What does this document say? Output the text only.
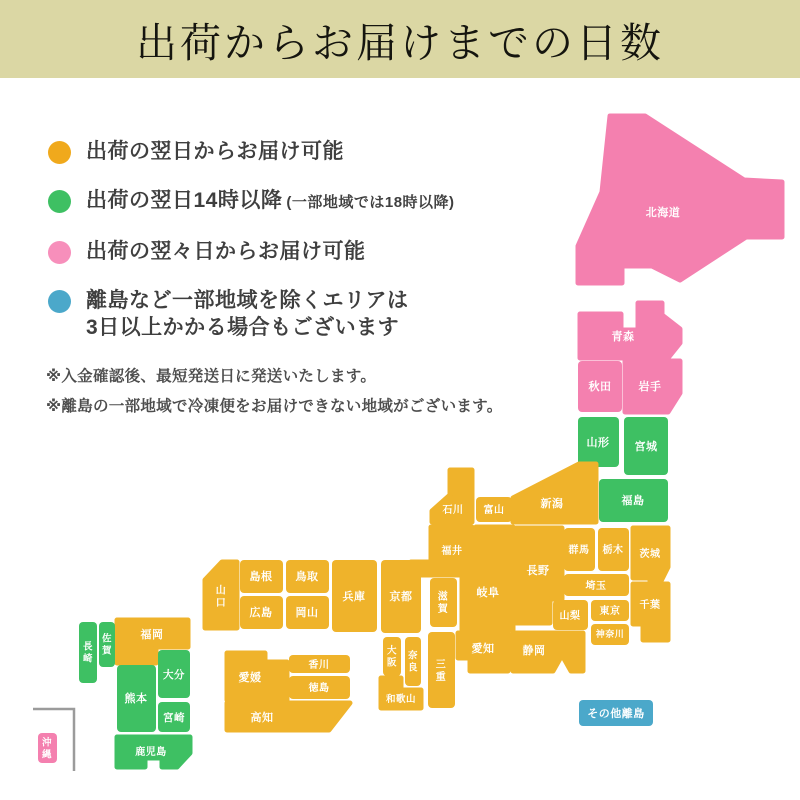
出荷からお届けまでの日数
出荷の翌日からお届け可能
出荷の翌日14時以降 (一部地域では18時以降)
出荷の翌々日からお届け可能
離島など一部地域を除くエリアは
3日以上かかる場合もございます

※入金確認後、最短発送日に発送いたします。

※離島の一部地域で冷凍便をお届けできない地域がございます。

北海道
青森
秋田 岩手
山形 宮城
福島
新潟
富山
石川
福井
長野
群馬 栃木 茨城
埼玉
山梨 東京
神奈川
千葉
静岡
愛知
岐阜
滋賀
三重
京都
兵庫
大阪
奈良
和歌山
鳥取
島根
岡山
広島
山口
香川
徳島
愛媛
高知
福岡
佐賀
長崎
大分
熊本
宮崎
鹿児島
沖縄
その他離島
